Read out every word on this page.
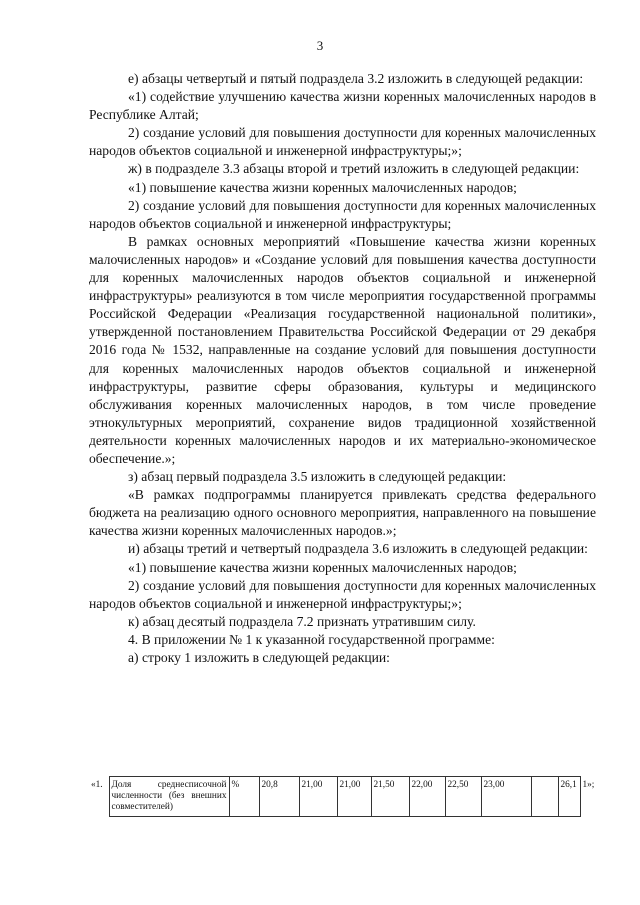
3

е) абзацы четвертый и пятый подраздела 3.2 изложить в следующей редакции:

«1) содействие улучшению качества жизни коренных малочисленных народов в Республике Алтай;

2) создание условий для повышения доступности для коренных малочисленных народов объектов социальной и инженерной инфраструктуры;»;

ж) в подразделе 3.3 абзацы второй и третий изложить в следующей редакции:

«1) повышение качества жизни коренных малочисленных народов;

2) создание условий для повышения доступности для коренных малочисленных народов объектов социальной и инженерной инфраструктуры;

В рамках основных мероприятий «Повышение качества жизни коренных малочисленных народов» и «Создание условий для повышения качества доступности для коренных малочисленных народов объектов социальной и инженерной инфраструктуры» реализуются в том числе мероприятия государственной программы Российской Федерации «Реализация государственной национальной политики», утвержденной постановлением Правительства Российской Федерации от 29 декабря 2016 года № 1532, направленные на создание условий для повышения доступности для коренных малочисленных народов объектов социальной и инженерной инфраструктуры, развитие сферы образования, культуры и медицинского обслуживания коренных малочисленных народов, в том числе проведение этнокультурных мероприятий, сохранение видов традиционной хозяйственной деятельности коренных малочисленных народов и их материально-экономическое обеспечение.»;

з) абзац первый подраздела 3.5 изложить в следующей редакции:

«В рамках подпрограммы планируется привлекать средства федерального бюджета на реализацию одного основного мероприятия, направленного на повышение качества жизни коренных малочисленных народов.»;

и) абзацы третий и четвертый подраздела 3.6 изложить в следующей редакции:

«1) повышение качества жизни коренных малочисленных народов;

2) создание условий для повышения доступности для коренных малочисленных народов объектов социальной и инженерной инфраструктуры;»;

к) абзац десятый подраздела 7.2 признать утратившим силу.

4. В приложении № 1 к указанной государственной программе:

а) строку 1 изложить в следующей редакции:

«1.	Доля среднесписочной численности (без внешних совместителей)	%	20,8	21,00	21,00	21,50	22,00	22,50	23,00		26,1	1»;
